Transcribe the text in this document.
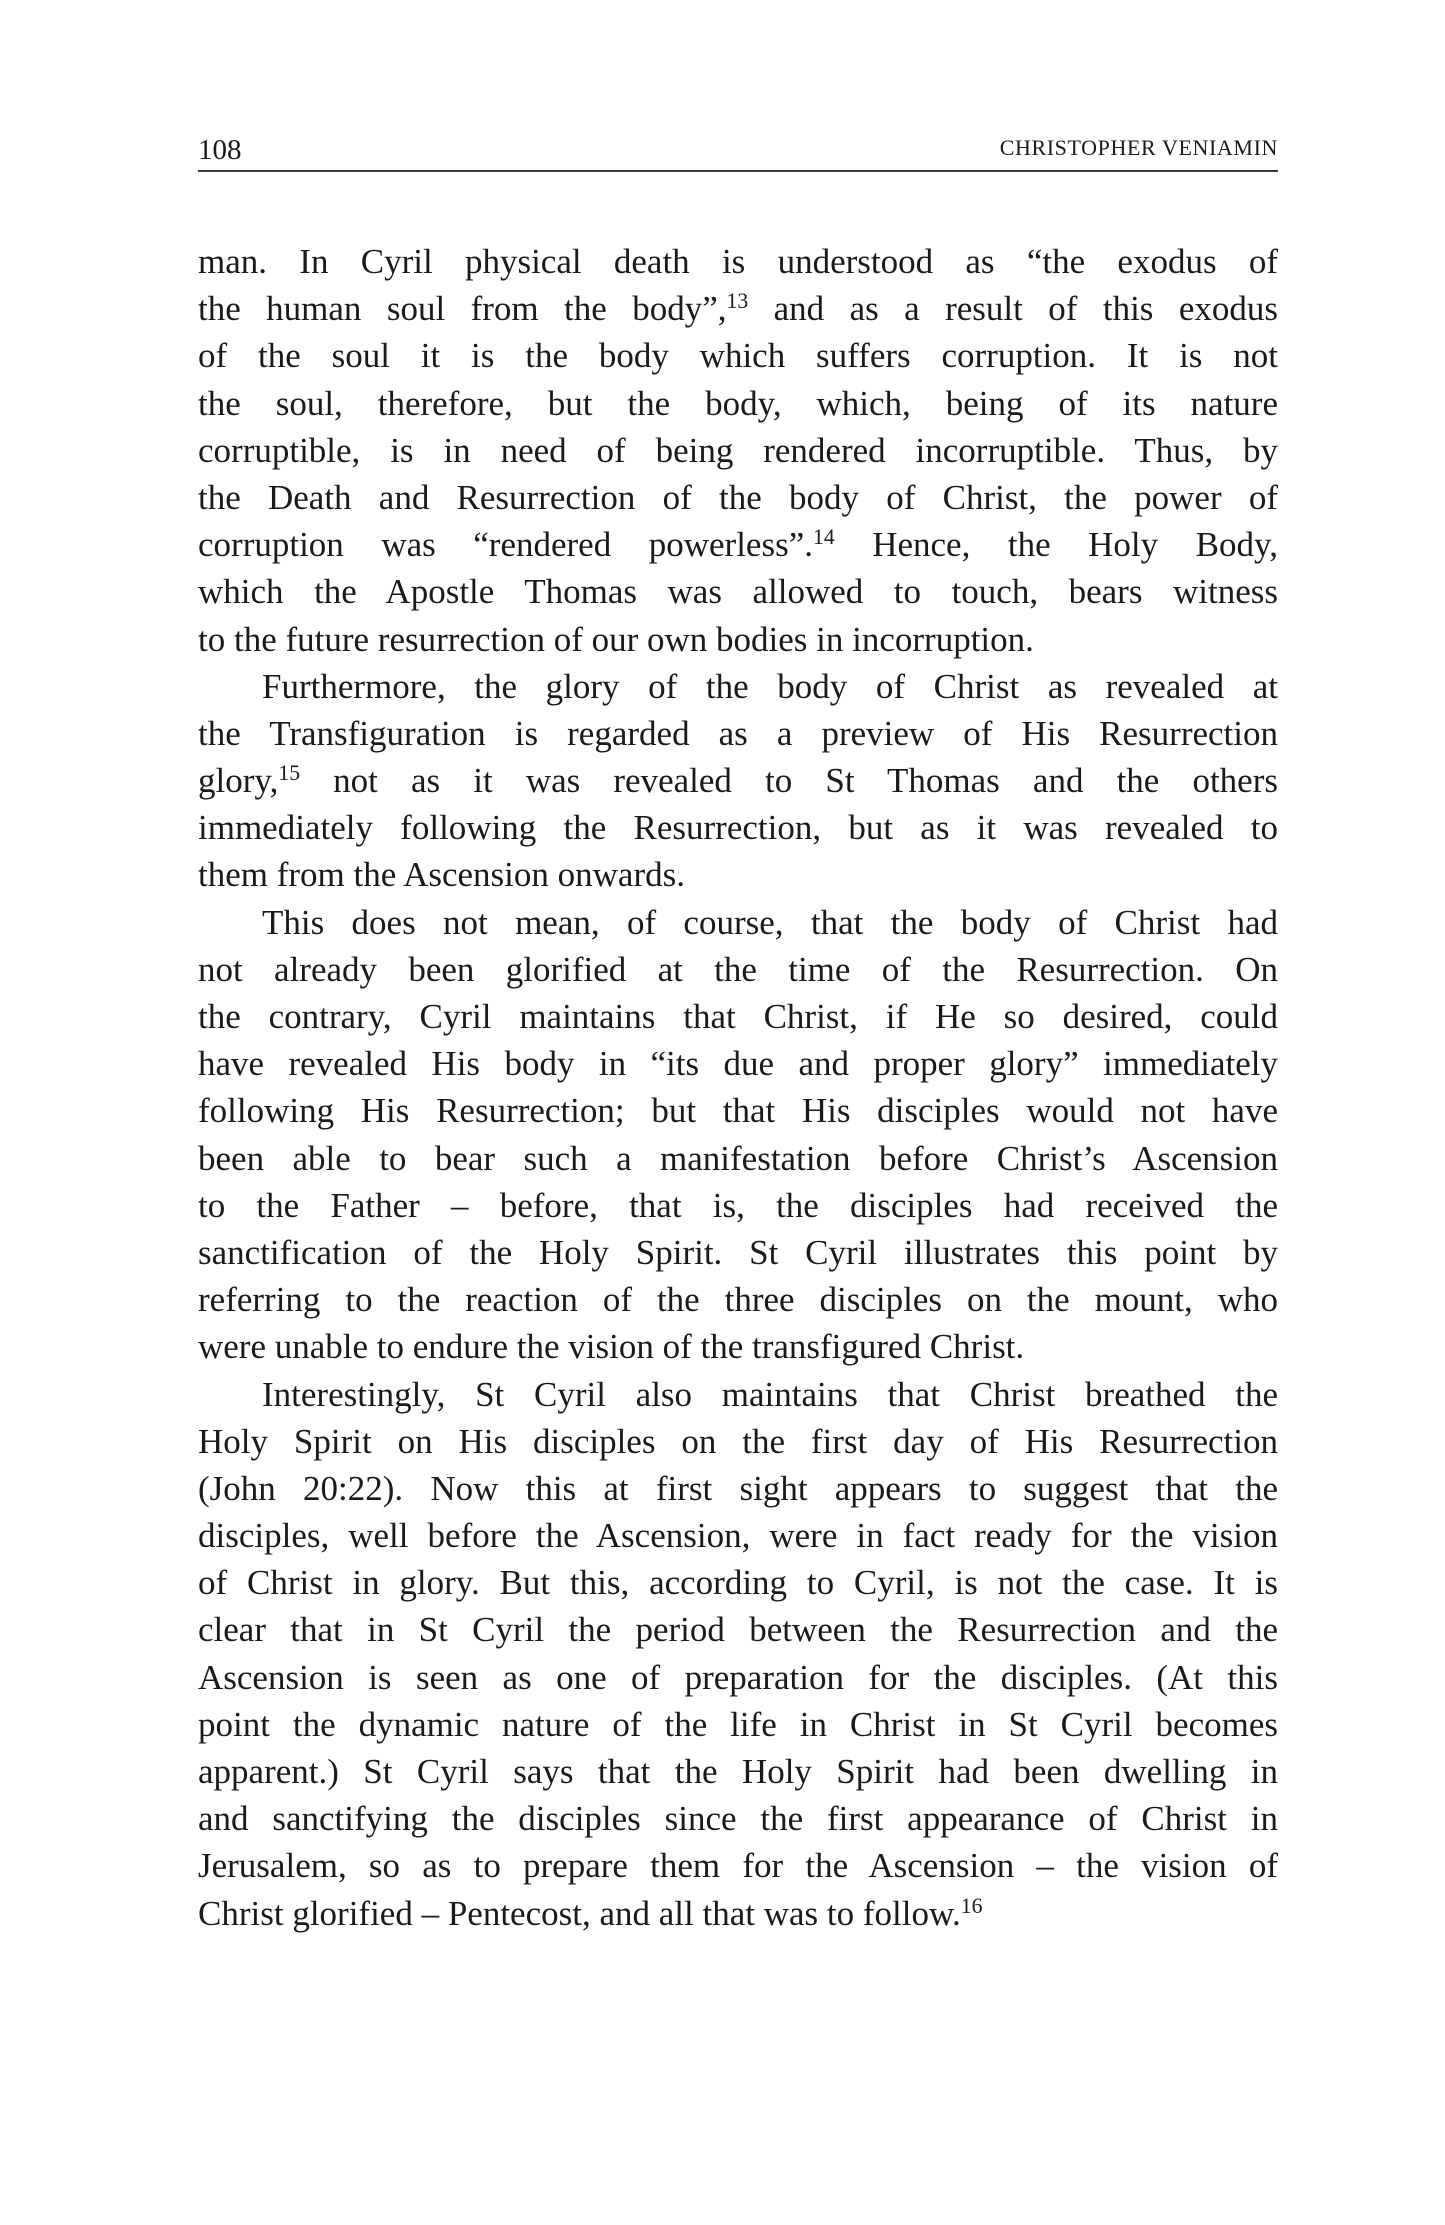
108	CHRISTOPHER VENIAMIN
man. In Cyril physical death is understood as “the exodus of
the human soul from the body”,$^{13}$ and as a result of this exodus
of the soul it is the body which suffers corruption. It is not
the soul, therefore, but the body, which, being of its nature
corruptible, is in need of being rendered incorruptible. Thus, by
the Death and Resurrection of the body of Christ, the power of
corruption was “rendered powerless”.$^{14}$ Hence, the Holy Body,
which the Apostle Thomas was allowed to touch, bears witness
to the future resurrection of our own bodies in incorruption.
Furthermore, the glory of the body of Christ as revealed at
the Transfiguration is regarded as a preview of His Resurrection
glory,$^{15}$ not as it was revealed to St Thomas and the others
immediately following the Resurrection, but as it was revealed to
them from the Ascension onwards.
This does not mean, of course, that the body of Christ had
not already been glorified at the time of the Resurrection. On
the contrary, Cyril maintains that Christ, if He so desired, could
have revealed His body in “its due and proper glory” immediately
following His Resurrection; but that His disciples would not have
been able to bear such a manifestation before Christ’s Ascension
to the Father – before, that is, the disciples had received the
sanctification of the Holy Spirit. St Cyril illustrates this point by
referring to the reaction of the three disciples on the mount, who
were unable to endure the vision of the transfigured Christ.
Interestingly, St Cyril also maintains that Christ breathed the
Holy Spirit on His disciples on the first day of His Resurrection
(John 20:22). Now this at first sight appears to suggest that the
disciples, well before the Ascension, were in fact ready for the vision
of Christ in glory. But this, according to Cyril, is not the case. It is
clear that in St Cyril the period between the Resurrection and the
Ascension is seen as one of preparation for the disciples. (At this
point the dynamic nature of the life in Christ in St Cyril becomes
apparent.) St Cyril says that the Holy Spirit had been dwelling in
and sanctifying the disciples since the first appearance of Christ in
Jerusalem, so as to prepare them for the Ascension – the vision of
Christ glorified – Pentecost, and all that was to follow.$^{16}$
